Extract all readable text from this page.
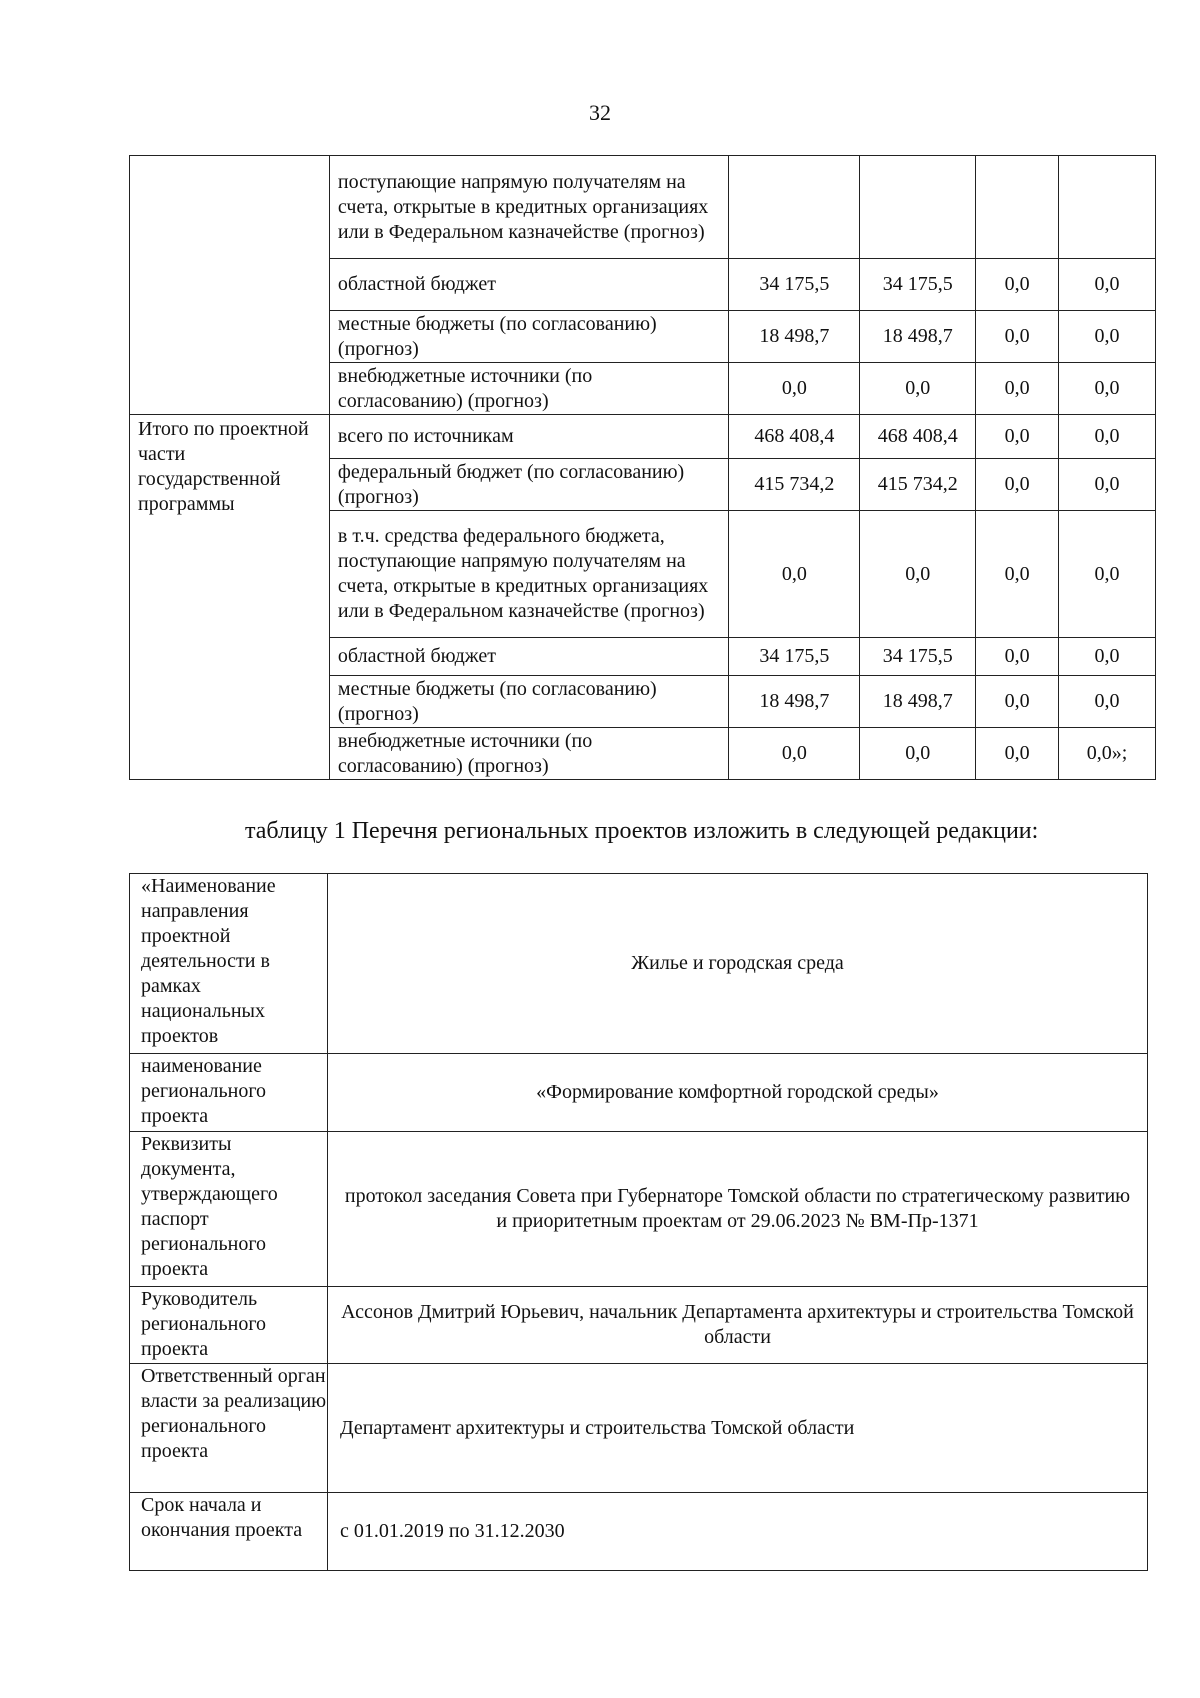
32
	поступающие напрямую получателям на счета, открытые в кредитных организациях или в Федеральном казначействе (прогноз)				
	областной бюджет	34 175,5	34 175,5	0,0	0,0
	местные бюджеты (по согласованию) (прогноз)	18 498,7	18 498,7	0,0	0,0
	внебюджетные источники (по согласованию) (прогноз)	0,0	0,0	0,0	0,0
Итого по проектной части государственной программы	всего по источникам	468 408,4	468 408,4	0,0	0,0
	федеральный бюджет (по согласованию) (прогноз)	415 734,2	415 734,2	0,0	0,0
	в т.ч. средства федерального бюджета, поступающие напрямую получателям на счета, открытые в кредитных организациях или в Федеральном казначействе (прогноз)	0,0	0,0	0,0	0,0
	областной бюджет	34 175,5	34 175,5	0,0	0,0
	местные бюджеты (по согласованию) (прогноз)	18 498,7	18 498,7	0,0	0,0
	внебюджетные источники (по согласованию) (прогноз)	0,0	0,0	0,0	0,0»;
таблицу 1 Перечня региональных проектов изложить в следующей редакции:
«Наименование направления проектной деятельности в рамках национальных проектов	Жилье и городская среда
наименование регионального проекта	«Формирование комфортной городской среды»
Реквизиты документа, утверждающего паспорт регионального проекта	протокол заседания Совета при Губернаторе Томской области по стратегическому развитию и приоритетным проектам от 29.06.2023 № ВМ-Пр-1371
Руководитель регионального проекта	Ассонов Дмитрий Юрьевич, начальник Департамента архитектуры и строительства Томской области
Ответственный орган власти за реализацию регионального проекта	Департамент архитектуры и строительства Томской области
Срок начала и окончания проекта	с 01.01.2019 по 31.12.2030
